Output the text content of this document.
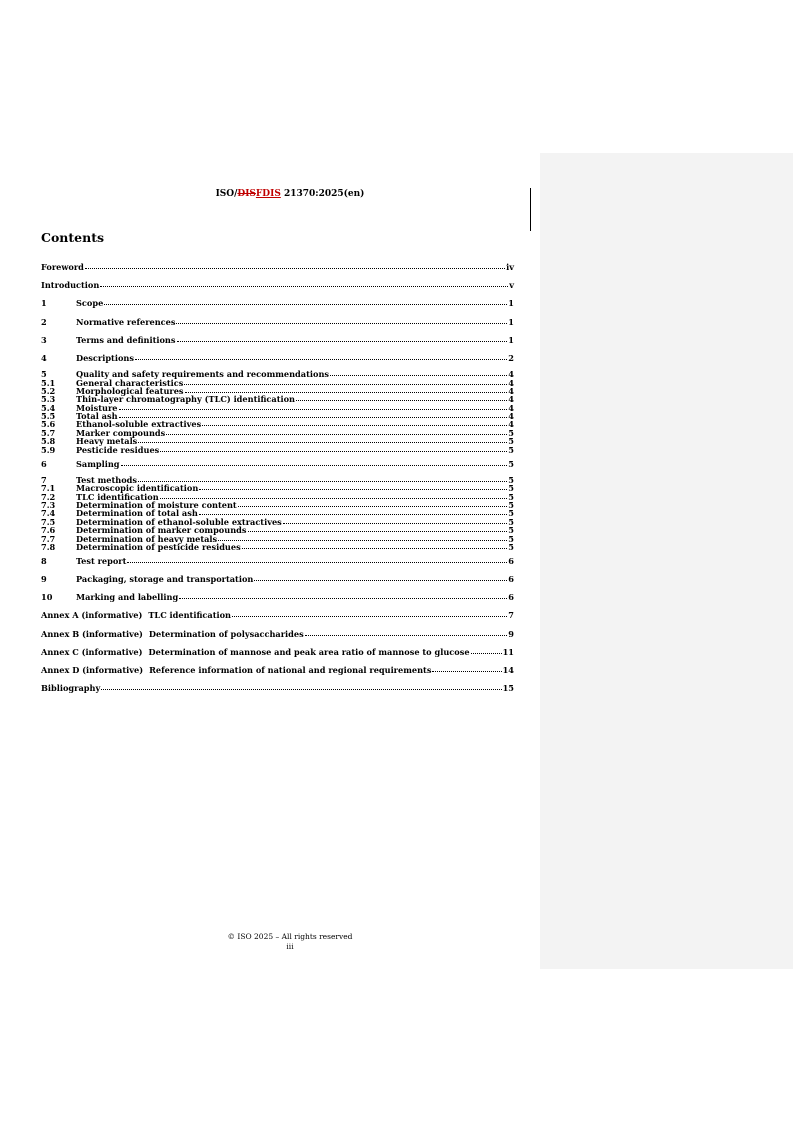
ISO/DISFDIS 21370:2025(en)
Contents
Foreword	iv
Introduction	v
1	Scope	1
2	Normative references	1
3	Terms and definitions	1
4	Descriptions	2
5	Quality and safety requirements and recommendations	4
5.1	General characteristics	4
5.2	Morphological features	4
5.3	Thin-layer chromatography (TLC) identification	4
5.4	Moisture	4
5.5	Total ash	4
5.6	Ethanol-soluble extractives	4
5.7	Marker compounds	5
5.8	Heavy metals	5
5.9	Pesticide residues	5
6	Sampling	5
7	Test methods	5
7.1	Macroscopic identification	5
7.2	TLC identification	5
7.3	Determination of moisture content	5
7.4	Determination of total ash	5
7.5	Determination of ethanol-soluble extractives	5
7.6	Determination of marker compounds	5
7.7	Determination of heavy metals	5
7.8	Determination of pesticide residues	5
8	Test report	6
9	Packaging, storage and transportation	6
10	Marking and labelling	6
Annex A (informative) TLC identification	7
Annex B (informative) Determination of polysaccharides	9
Annex C (informative) Determination of mannose and peak area ratio of mannose to glucose	11
Annex D (informative) Reference information of national and regional requirements	14
Bibliography	15
© ISO 2025 – All rights reserved
iii
